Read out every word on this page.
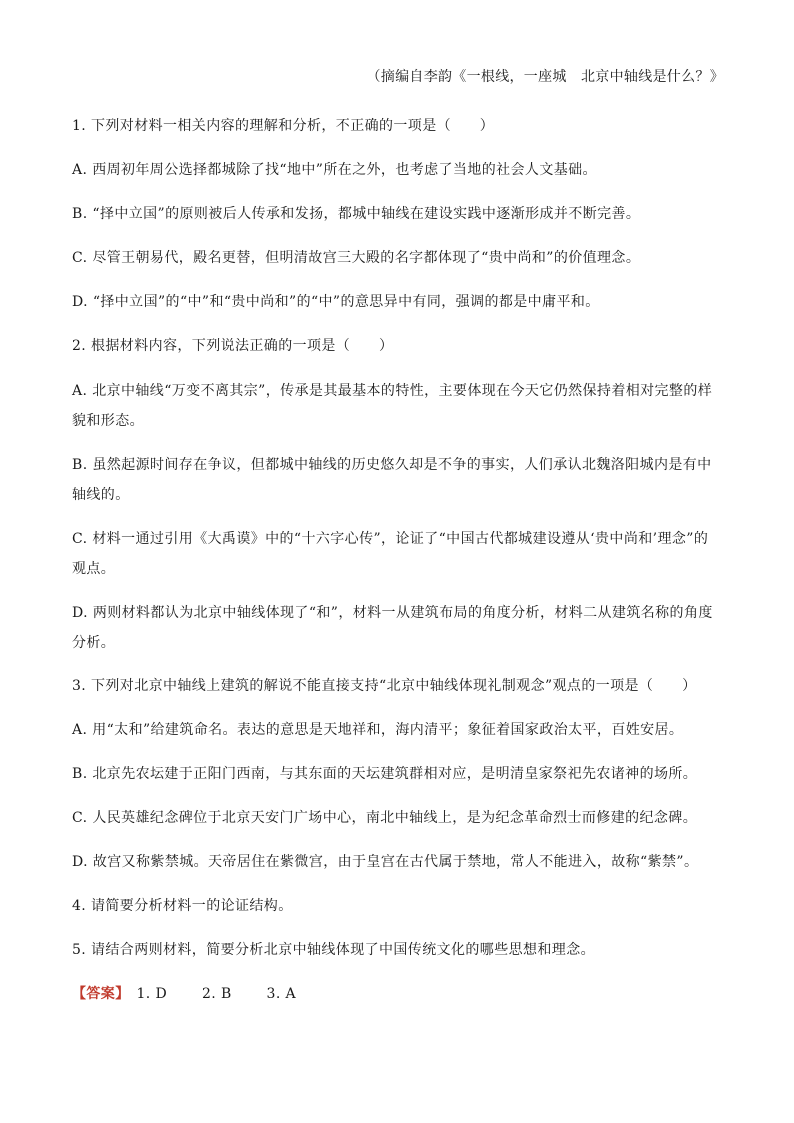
（摘编自李韵《一根线，一座城　北京中轴线是什么？》
1. 下列对材料一相关内容的理解和分析，不正确的一项是（　　）
A. 西周初年周公选择都城除了找“地中”所在之外，也考虑了当地的社会人文基础。
B. “择中立国”的原则被后人传承和发扬，都城中轴线在建设实践中逐渐形成并不断完善。
C. 尽管王朝易代，殿名更替，但明清故宫三大殿的名字都体现了“贵中尚和”的价值理念。
D. “择中立国”的“中”和“贵中尚和”的“中”的意思异中有同，强调的都是中庸平和。
2. 根据材料内容，下列说法正确的一项是（　　）
A. 北京中轴线“万变不离其宗”，传承是其最基本的特性，主要体现在今天它仍然保持着相对完整的样貌和形态。
B. 虽然起源时间存在争议，但都城中轴线的历史悠久却是不争的事实，人们承认北魏洛阳城内是有中轴线的。
C. 材料一通过引用《大禹谟》中的“十六字心传”，论证了“中国古代都城建设遵从‘贵中尚和’理念”的观点。
D. 两则材料都认为北京中轴线体现了“和”，材料一从建筑布局的角度分析，材料二从建筑名称的角度分析。
3. 下列对北京中轴线上建筑的解说不能直接支持“北京中轴线体现礼制观念”观点的一项是（　　）
A. 用“太和”给建筑命名。表达的意思是天地祥和，海内清平；象征着国家政治太平，百姓安居。
B. 北京先农坛建于正阳门西南，与其东面的天坛建筑群相对应，是明清皇家祭祀先农诸神的场所。
C. 人民英雄纪念碑位于北京天安门广场中心，南北中轴线上，是为纪念革命烈士而修建的纪念碑。
D. 故宫又称紫禁城。天帝居住在紫微宫，由于皇宫在古代属于禁地，常人不能进入，故称“紫禁”。
4. 请简要分析材料一的论证结构。
5. 请结合两则材料，简要分析北京中轴线体现了中国传统文化的哪些思想和理念。
【答案】 1. D 2. B 3. A
